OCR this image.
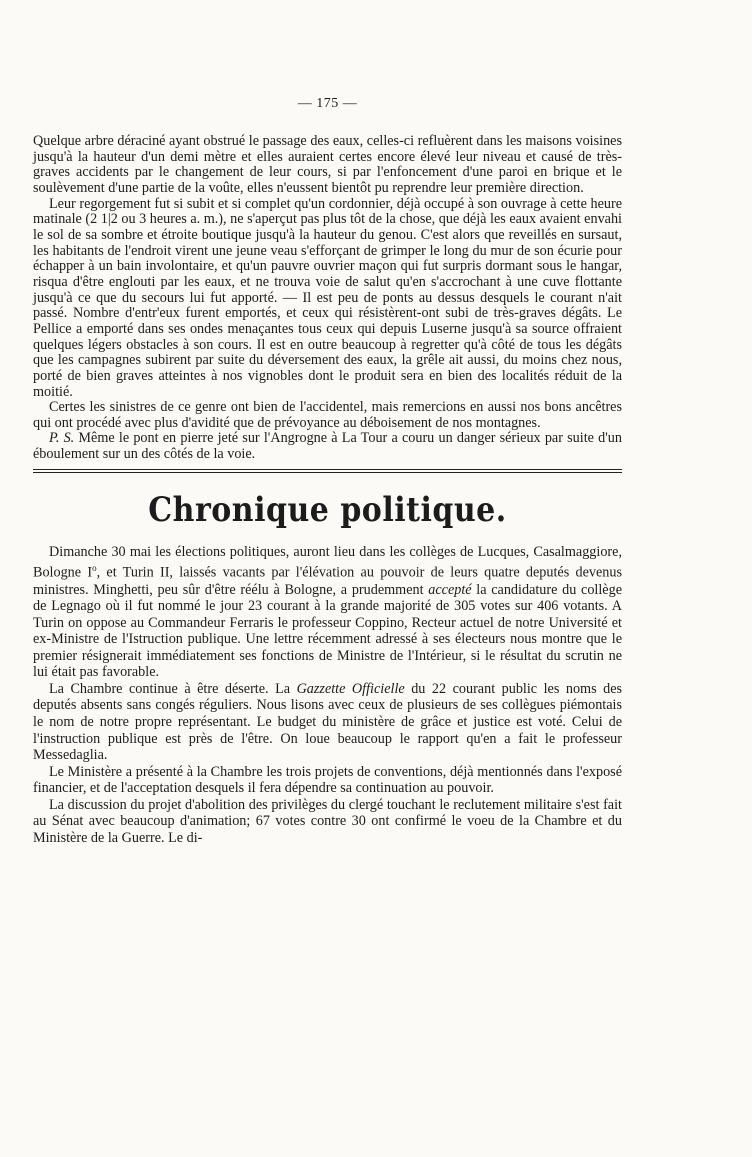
— 175 —

Quelque arbre déraciné ayant obstrué le passage des eaux, celles-ci refluèrent dans les maisons voisines jusqu'à la hauteur d'un demi mètre et elles auraient certes encore élevé leur niveau et causé de très-graves accidents par le changement de leur cours, si par l'enfoncement d'une paroi en brique et le soulèvement d'une partie de la voûte, elles n'eussent bientôt pu reprendre leur première direction.

Leur regorgement fut si subit et si complet qu'un cordonnier, déjà occupé à son ouvrage à cette heure matinale (2 1|2 ou 3 heures a. m.), ne s'aperçut pas plus tôt de la chose, que déjà les eaux avaient envahi le sol de sa sombre et étroite boutique jusqu'à la hauteur du genou. C'est alors que reveillés en sursaut, les habitants de l'endroit virent une jeune veau s'efforçant de grimper le long du mur de son écurie pour échapper à un bain involontaire, et qu'un pauvre ouvrier maçon qui fut surpris dormant sous le hangar, risqua d'être englouti par les eaux, et ne trouva voie de salut qu'en s'accrochant à une cuve flottante jusqu'à ce que du secours lui fut apporté. — Il est peu de ponts au dessus desquels le courant n'ait passé. Nombre d'entr'eux furent emportés, et ceux qui résistèrent-ont subi de très-graves dégâts. Le Pellice a emporté dans ses ondes menaçantes tous ceux qui depuis Luserne jusqu'à sa source offraient quelques légers obstacles à son cours. Il est en outre beaucoup à regretter qu'à côté de tous les dégâts que les campagnes subirent par suite du déversement des eaux, la grêle ait aussi, du moins chez nous, porté de bien graves atteintes à nos vignobles dont le produit sera en bien des localités réduit de la moitié.

Certes les sinistres de ce genre ont bien de l'accidentel, mais remercions en aussi nos bons ancêtres qui ont procédé avec plus d'avidité que de prévoyance au déboisement de nos montagnes.

P. S. Même le pont en pierre jeté sur l'Angrogne à La Tour a couru un danger sérieux par suite d'un éboulement sur un des côtés de la voie.

Chronique politique.

Dimanche 30 mai les élections politiques, auront lieu dans les collèges de Lucques, Casalmaggiore, Bologne $I^o$, et Turin II, laissés vacants par l'élévation au pouvoir de leurs quatre deputés devenus ministres. Minghetti, peu sûr d'être réélu à Bologne, a prudemment accepté la candidature du collège de Legnago où il fut nommé le jour 23 courant à la grande majorité de 305 votes sur 406 votants. A Turin on oppose au Commandeur Ferraris le professeur Coppino, Recteur actuel de notre Université et ex-Ministre de l'Istruction publique. Une lettre récemment adressé à ses électeurs nous montre que le premier résignerait immédiatement ses fonctions de Ministre de l'Intérieur, si le résultat du scrutin ne lui était pas favorable.

La Chambre continue à être déserte. La Gazzette Officielle du 22 courant public les noms des deputés absents sans congés réguliers. Nous lisons avec ceux de plusieurs de ses collègues piémontais le nom de notre propre représentant. Le budget du ministère de grâce et justice est voté. Celui de l'instruction publique est près de l'être. On loue beaucoup le rapport qu'en a fait le professeur Messedaglia.

Le Ministère a présenté à la Chambre les trois projets de conventions, déjà mentionnés dans l'exposé financier, et de l'acceptation desquels il fera dépendre sa continuation au pouvoir.

La discussion du projet d'abolition des privilèges du clergé touchant le reclutement militaire s'est fait au Sénat avec beaucoup d'animation; 67 votes contre 30 ont confirmé le voeu de la Chambre et du Ministère de la Guerre. Le di-
